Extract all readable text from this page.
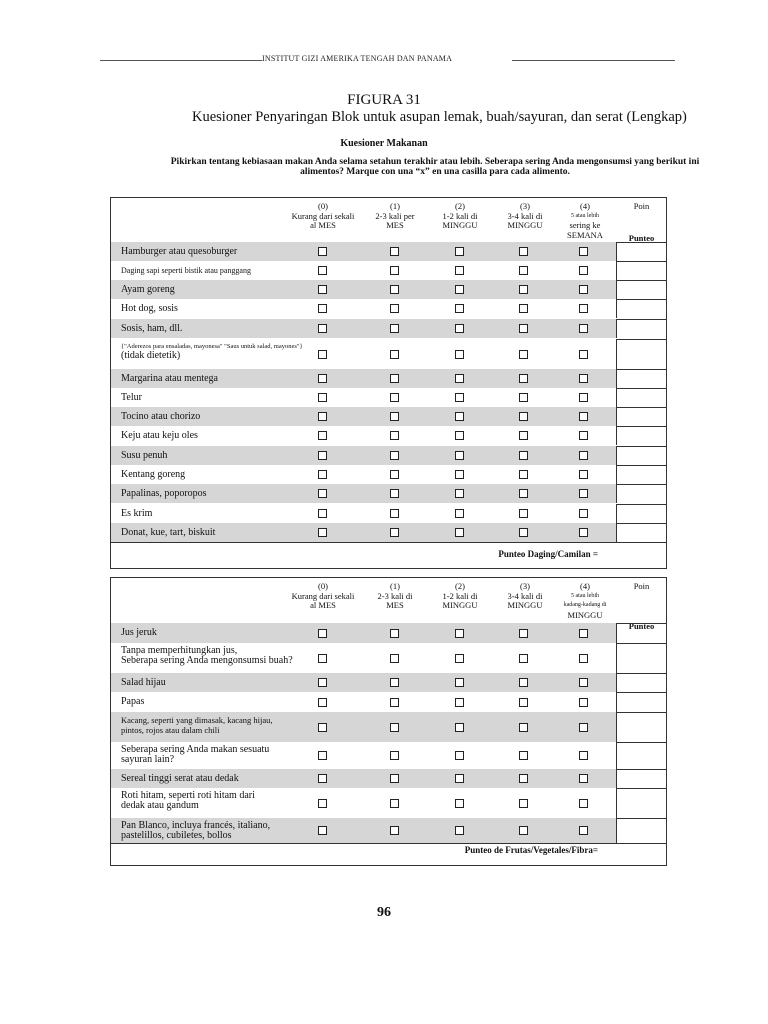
INSTITUT GIZI AMERIKA TENGAH DAN PANAMA
FIGURA 31
Kuesioner Penyaringan Blok untuk asupan lemak, buah/sayuran, dan serat (Lengkap)
Kuesioner Makanan
Pikirkan tentang kebiasaan makan Anda selama setahun terakhir atau lebih. Seberapa sering Anda mengonsumsi yang berikut ini
alimentos? Marque con una “x” en una casilla para cada alimento.
(0)
Kurang dari sekali
al MES
(1)
2-3 kali per
MES
(2)
1-2 kali di
MINGGU
(3)
3-4 kali di
MINGGU
(4)
5 atau lebih
sering ke
SEMANA
Poin
Punteo
Hamburger atau quesoburger
Daging sapi seperti bistik atau panggang
Ayam goreng
Hot dog, sosis
Sosis, ham, dll.
{"Aderezos para ensaladas, mayonesa" "Saus untuk salad, mayones"}
(tidak dietetik)
Margarina atau mentega
Telur
Tocino atau chorizo
Keju atau keju oles
Susu penuh
Kentang goreng
Papalinas, poporopos
Es krim
Donat, kue, tart, biskuit
Punteo Daging/Camilan =
(0)
Kurang dari sekali
al MES
(1)
2-3 kali di
MES
(2)
1-2 kali di
MINGGU
(3)
3-4 kali di
MINGGU
(4)
5 atau lebih
kadang-kadang di
MINGGU
Poin
Punteo
Jus jeruk
Tanpa memperhitungkan jus,
Seberapa sering Anda mengonsumsi buah?
Salad hijau
Papas
Kacang, seperti yang dimasak, kacang hijau,
pintos, rojos atau dalam chili
Seberapa sering Anda makan sesuatu
sayuran lain?
Sereal tinggi serat atau dedak
Roti hitam, seperti roti hitam dari
dedak atau gandum
Pan Blanco, incluya francés, italiano,
pastelillos, cubiletes, bollos
Punteo de Frutas/Vegetales/Fibra=
96
